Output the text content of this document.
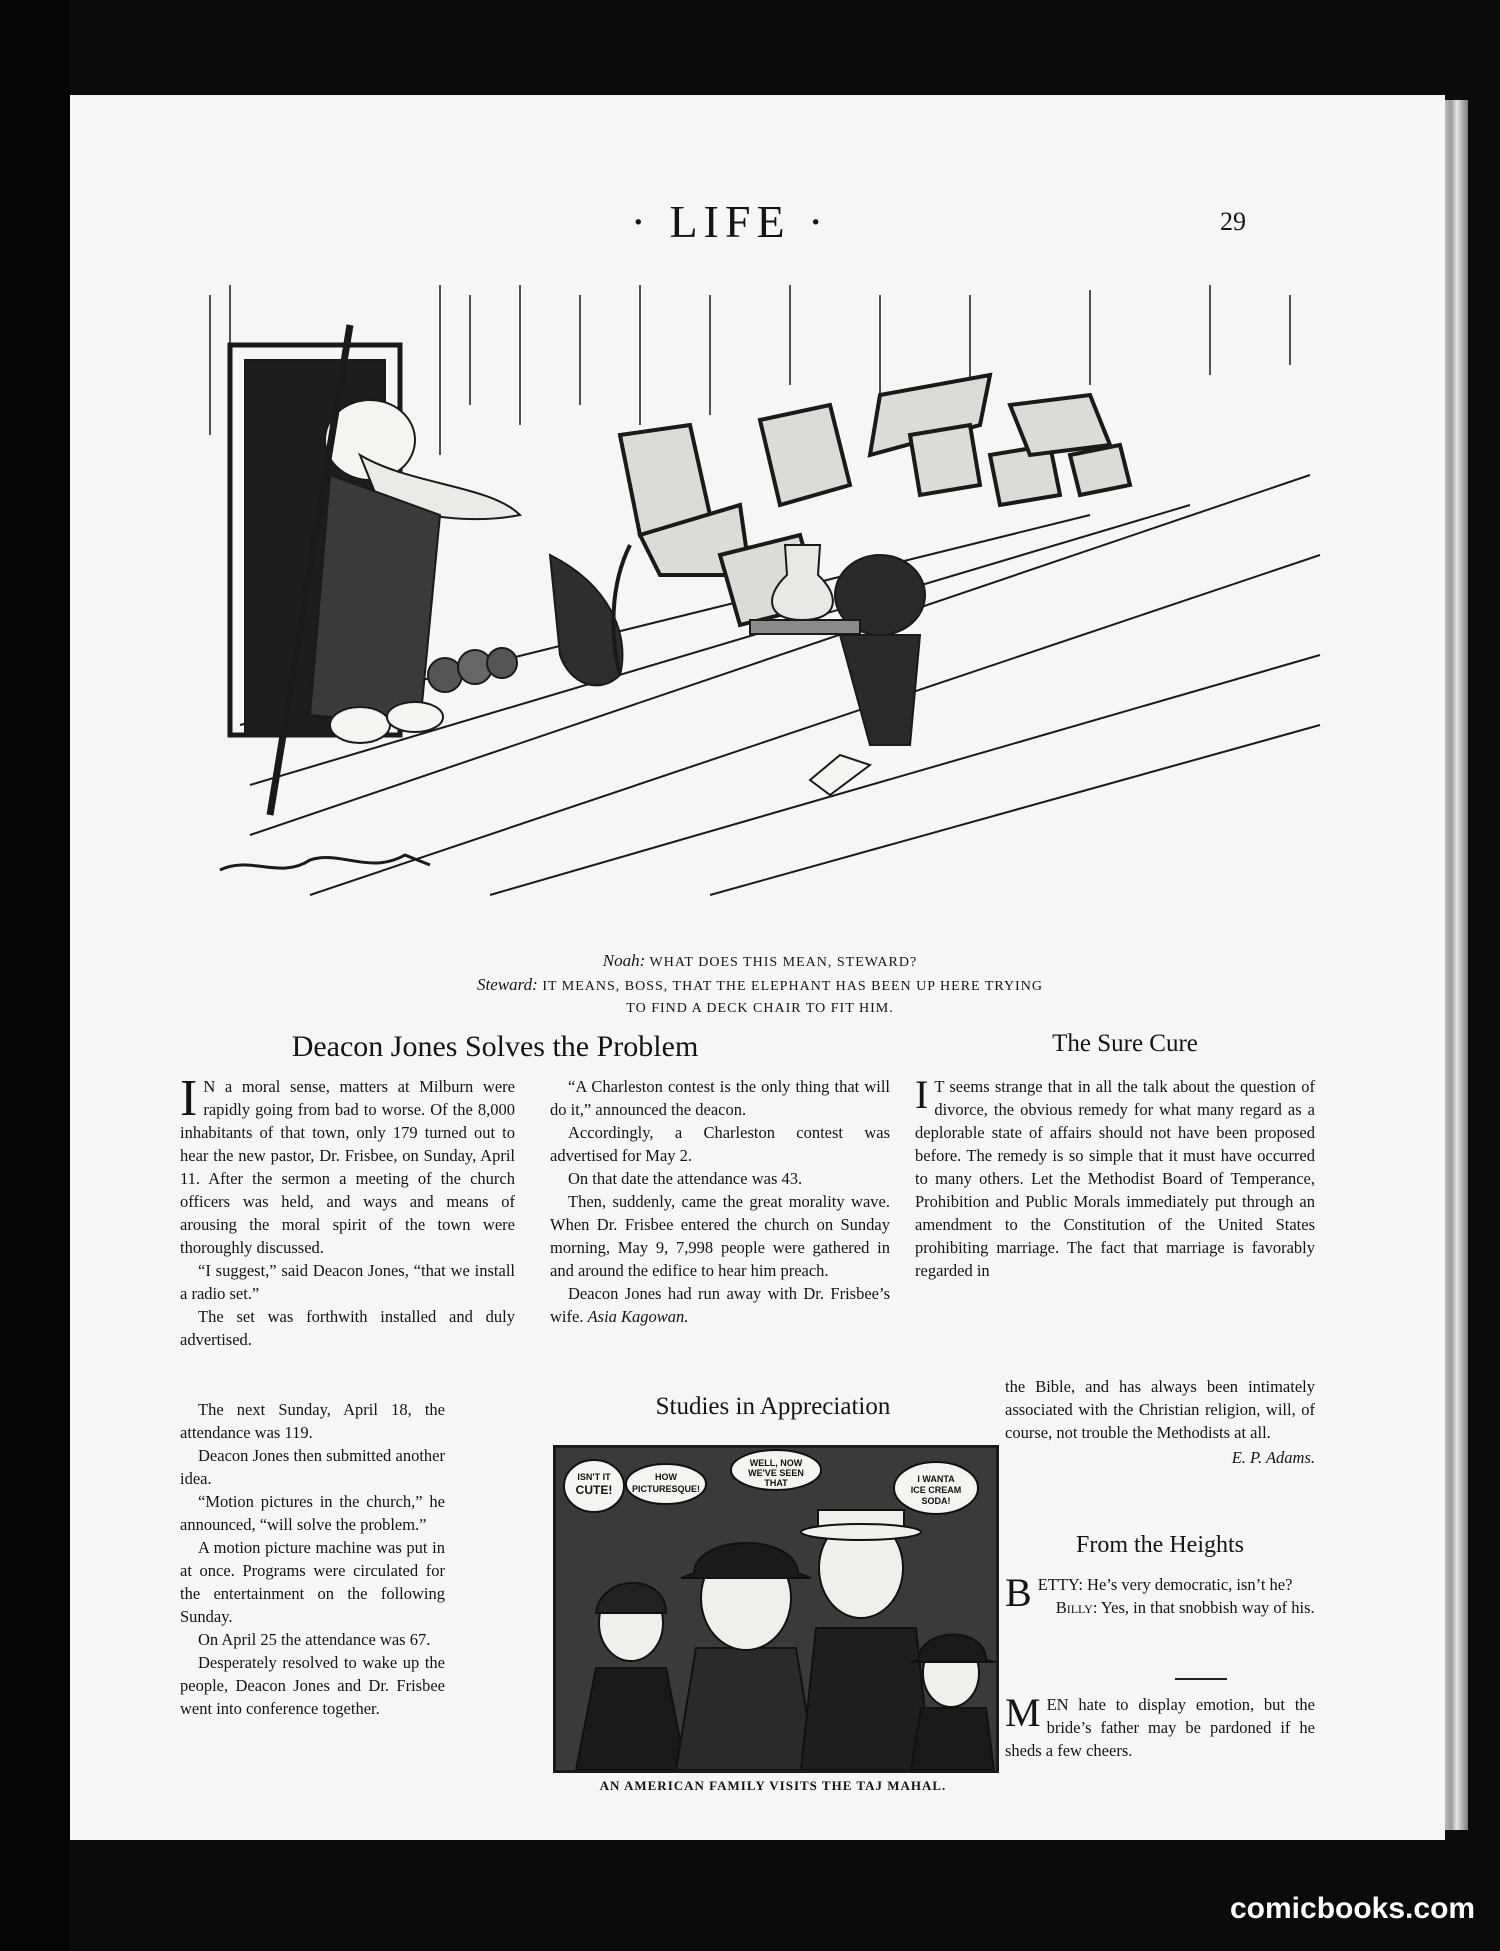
· LIFE ·	29
Noah: WHAT DOES THIS MEAN, STEWARD?
Steward: IT MEANS, BOSS, THAT THE ELEPHANT HAS BEEN UP HERE TRYING
TO FIND A DECK CHAIR TO FIT HIM.
Deacon Jones Solves the Problem

I N a moral sense, matters at Milburn were rapidly going from bad to worse. Of the 8,000 inhabitants of that town, only 179 turned out to hear the new pastor, Dr. Frisbee, on Sunday, April 11. After the sermon a meeting of the church officers was held, and ways and means of arousing the moral spirit of the town were thoroughly discussed.

“I suggest,” said Deacon Jones, “that we install a radio set.”

The set was forthwith installed and duly advertised.

The next Sunday, April 18, the attendance was 119.

Deacon Jones then submitted another idea.

“Motion pictures in the church,” he announced, “will solve the problem.”

A motion picture machine was put in at once. Programs were circulated for the entertainment on the following Sunday.

On April 25 the attendance was 67.

Desperately resolved to wake up the people, Deacon Jones and Dr. Frisbee went into conference together.

“A Charleston contest is the only thing that will do it,” announced the deacon.

Accordingly, a Charleston contest was advertised for May 2.

On that date the attendance was 43.

Then, suddenly, came the great morality wave. When Dr. Frisbee entered the church on Sunday morning, May 9, 7,998 people were gathered in and around the edifice to hear him preach.

Deacon Jones had run away with Dr. Frisbee’s wife. Asia Kagowan.

Studies in Appreciation
ISN'T IT
CUTE!
HOW
PICTURESQUE!
WELL, NOW
WE'VE SEEN
THAT	I WANTA
ICE CREAM
SODA!
AN AMERICAN FAMILY VISITS THE TAJ MAHAL.
The Sure Cure

I T seems strange that in all the talk about the question of divorce, the obvious remedy for what many regard as a deplorable state of affairs should not have been proposed before. The remedy is so simple that it must have occurred to many others. Let the Methodist Board of Temperance, Prohibition and Public Morals immediately put through an amendment to the Constitution of the United States prohibiting marriage. The fact that marriage is favorably regarded in

the Bible, and has always been intimately associated with the Christian religion, will, of course, not trouble the Methodists at all.

E. P. Adams.

From the Heights

BETTY: He’s very democratic, isn’t he?

Billy: Yes, in that snobbish way of his.

MEN hate to display emotion, but the bride’s father may be pardoned if he sheds a few cheers.

comicbooks.com
